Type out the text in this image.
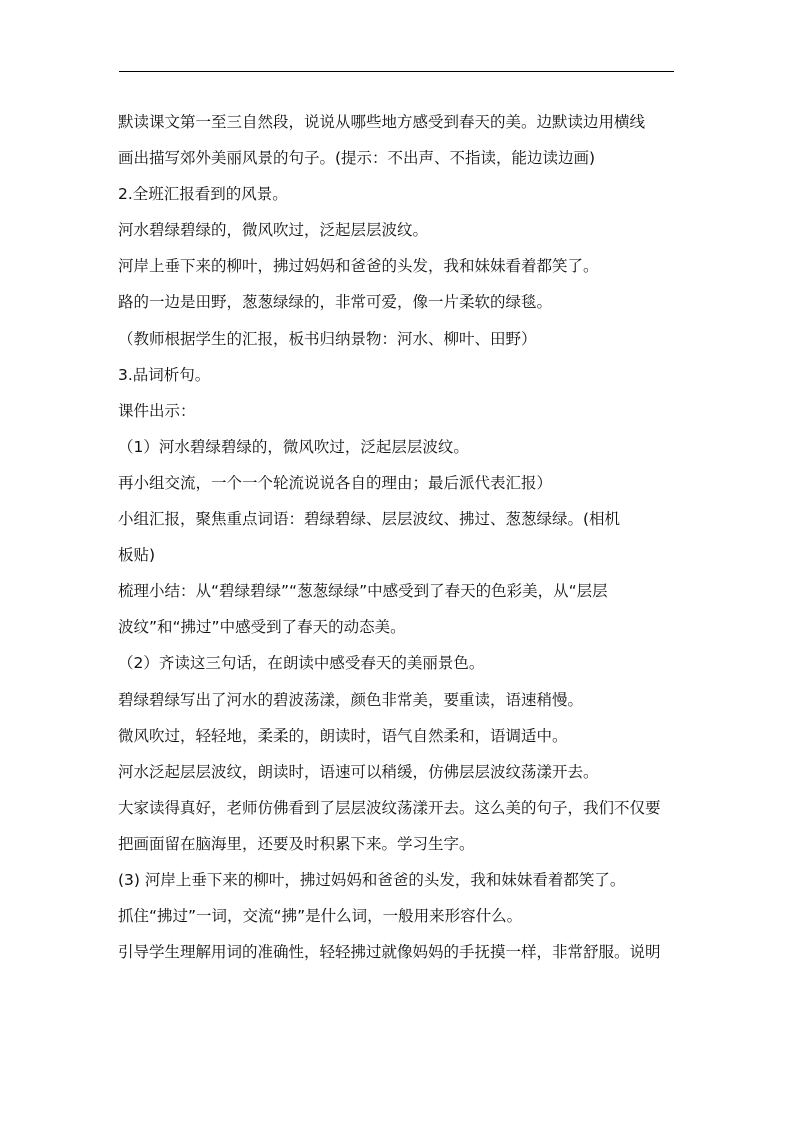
默读课文第一至三自然段，说说从哪些地方感受到春天的美。边默读边用横线
画出描写郊外美丽风景的句子。(提示：不出声、不指读，能边读边画)
2.全班汇报看到的风景。
河水碧绿碧绿的，微风吹过，泛起层层波纹。
河岸上垂下来的柳叶，拂过妈妈和爸爸的头发，我和妹妹看着都笑了。
路的一边是田野，葱葱绿绿的，非常可爱，像一片柔软的绿毯。
（教师根据学生的汇报，板书归纳景物：河水、柳叶、田野）
3.品词析句。
课件出示：
（1）河水碧绿碧绿的，微风吹过，泛起层层波纹。
再小组交流，一个一个轮流说说各自的理由；最后派代表汇报）
小组汇报，聚焦重点词语：碧绿碧绿、层层波纹、拂过、葱葱绿绿。(相机
板贴)
梳理小结：从“碧绿碧绿”“葱葱绿绿”中感受到了春天的色彩美，从“层层
波纹”和“拂过”中感受到了春天的动态美。
（2）齐读这三句话，在朗读中感受春天的美丽景色。
碧绿碧绿写出了河水的碧波荡漾，颜色非常美，要重读，语速稍慢。
微风吹过，轻轻地，柔柔的，朗读时，语气自然柔和，语调适中。
河水泛起层层波纹，朗读时，语速可以稍缓，仿佛层层波纹荡漾开去。
大家读得真好，老师仿佛看到了层层波纹荡漾开去。这么美的句子，我们不仅要
把画面留在脑海里，还要及时积累下来。学习生字。
(3) 河岸上垂下来的柳叶，拂过妈妈和爸爸的头发，我和妹妹看着都笑了。
抓住“拂过”一词，交流“拂”是什么词，一般用来形容什么。
引导学生理解用词的准确性，轻轻拂过就像妈妈的手抚摸一样，非常舒服。说明
